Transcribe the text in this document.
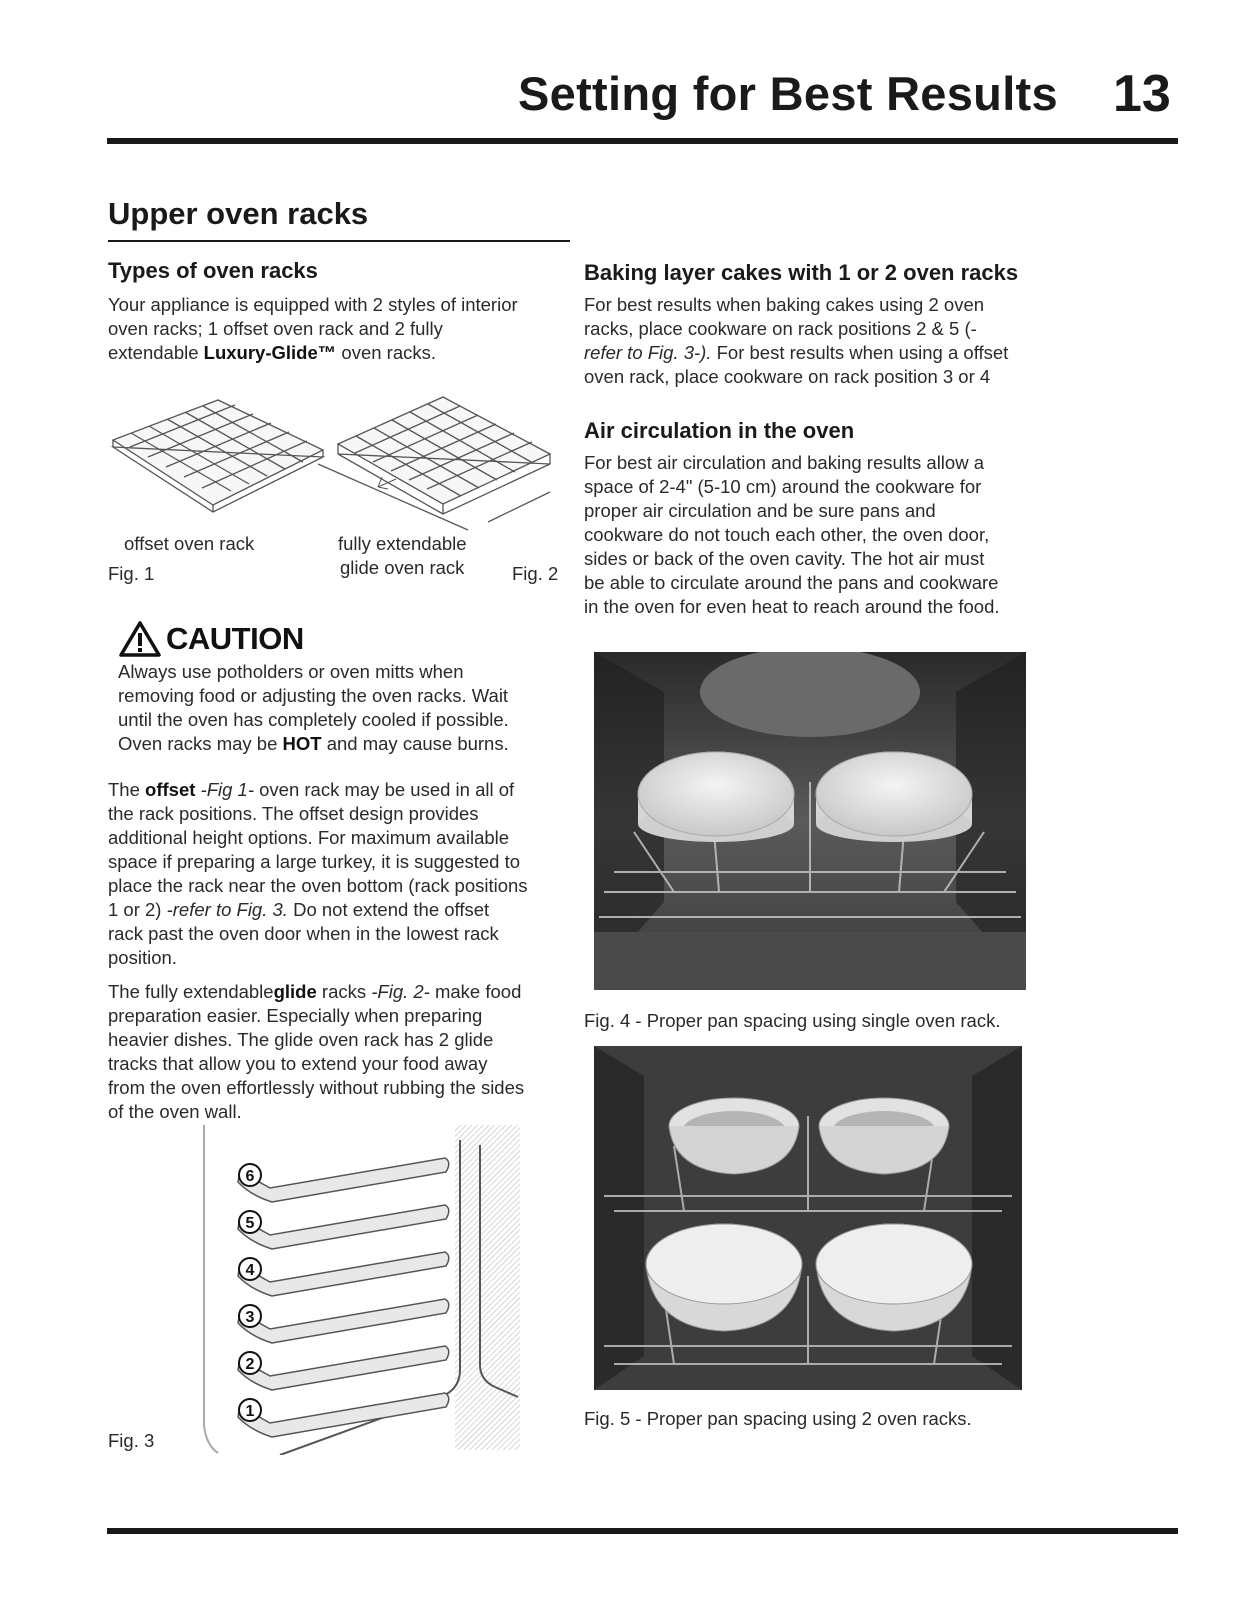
Setting for Best Results 13
Upper oven racks
Types of oven racks

Your appliance is equipped with 2 styles of interior

oven racks; 1 offset oven rack and 2 fully

extendable Luxury-Glide™ oven racks.

offset oven rack
Fig. 1
fully extendable
glide oven rack	Fig. 2
CAUTION

Always use potholders or oven mitts when

removing food or adjusting the oven racks. Wait

until the oven has completely cooled if possible.

Oven racks may be HOT and may cause burns.

The offset -Fig 1- oven rack may be used in all of

the rack positions. The offset design provides

additional height options. For maximum available

space if preparing a large turkey, it is suggested to

place the rack near the oven bottom (rack positions

1 or 2) -refer to Fig. 3. Do not extend the offset

rack past the oven door when in the lowest rack

position.

The fully extendableglide racks -Fig. 2- make food

preparation easier. Especially when preparing

heavier dishes. The glide oven rack has 2 glide

tracks that allow you to extend your food away

from the oven effortlessly without rubbing the sides

of the oven wall.

6
5
4
3
2
1
Fig. 3
Baking layer cakes with 1 or 2 oven racks

For best results when baking cakes using 2 oven

racks, place cookware on rack positions 2 & 5 (-

refer to Fig. 3-). For best results when using a offset

oven rack, place cookware on rack position 3 or 4

Air circulation in the oven

For best air circulation and baking results allow a

space of 2-4" (5-10 cm) around the cookware for

proper air circulation and be sure pans and

cookware do not touch each other, the oven door,

sides or back of the oven cavity. The hot air must

be able to circulate around the pans and cookware

in the oven for even heat to reach around the food.

Fig. 4 - Proper pan spacing using single oven rack.
Fig. 5 - Proper pan spacing using 2 oven racks.
